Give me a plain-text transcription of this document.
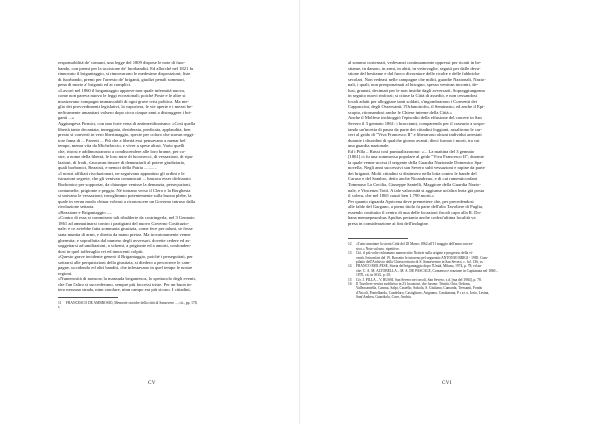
responsabilità de' comuni, una legge del 1809 dispose le note di fuor-

bando, con premi per la uccisione de' fuorbanditi. Ed allorché nel 1821 fu

rinnovato il brigantaggio, si rinnovarono le medesime disposizioni; liste

di fuorbando, premi per l'arresto de' briganti, giudizi penali sommari,

pena di morte a' briganti ed ai complici.

«Lavorò nel 1860 il brigantaggio apparve non quale infermità nuova,

come non pareva nuovo le leggi eccezionali; poiché Poste e le altre si

mostravano compagni immancabili di ogni grave crisi politica. Ma me-

glio dei provvedimenti legislativi, la vaporiera, le vie aperte e i mezzi be-

neficamente umanitari valsero dopo circa cinque anni a distruggere i bri-

ganti ...»

Aggiungeva Firmici, con una forte vena di antimeridionismo: «Così quella

libertà tanto decantata, inneggiata, desiderata, predicata, applaudita, ben

presto si convertì in vero libertinaggio, specie per coloro che stavan reggi-

tore fama di ... Parenti ... Più che a libertà essi pensavano a menar bel

tempo, menar vita da Michelaccio, e viver a spese altrui. Vario quelli

che, ritrosi e addimostrarono a condiscendere alle loro brame, per co-

stre, a nome della libertà, le loro mire di lucrosecci, di vessazioni, di ripa-

lazioni, di frodi, s'aucavan timore di denunziarli al potere giudiziario,

quali borbonici, Reazisti, e nemici della Patria ...........

«I nostri affiliati rivoluzionari, ne seguivano appuntino gli ordini e le

istruzioni segrete, che gli venivan comunicati ... bastava esser dichiarato

Borbonico per sopportar, da chiunque venisse la denunzia, perseçuzioni,

contumelie, prigionie e peggio. Né tornano verso il Clero e la Borghesia

si univano le vessazioni; invoglimmo potentemente sulla buona plebe, la

quale in verun modo chinar voleasi a riconoscere un Governo intruso dalla

rivoluzione settaria.

«Reazione e Brigantaggio —

«Contro di essa si commisero tali ribalderie da costringerla, nel 3 Gennaio

1861 ad ammutinarsi contro i partigiani del nuovo Governo Costituzio-

nale; e ce avrebbe fatta sommaria giustizia, come fece per taluni, se fosse

stata munita di armi, e diretta da mano preiza. Ma trovatoramente venne

ghermita; e sopraffatta dal numero degli avversari, dovette cedere ed as-

soggettarsi ad umiliazioni, a schemi, a prigionie ed a amorti, confonden-

dosi in quel tafferuglio rei ed innocenti colpiti.

«Questo grave incidente generò il Brigantaggio, poiché i perseguitati, per

sottrarsi alle perquisizioni della giustizia, si diedero a percorrere le cam-

pagne, uccidendo ed altri banditi, che infestavano in quel tempo le nostre

regioni.

«Numerosità di nonsoro la mansuda brigantesca, lo spettacolo degli eventi,

che l'un l'altro si succedevano, sempre più faccessi triste. Per un buon in-

tero nessuna strada, ninn casolare, ninn campo era più sicuro. I cittadini,

11 FRANCESCO DE AMBROSIO, Memorie storiche della città di Sansevero ..., cit., pp. 178,

s.

CV

al sommo costernati, vedevanzi continuamente oppressi per ricatti in be-

stiame, in danaro, in armi, in abiti, in vettovaglie, seguiti per dalle deva-

stione del bestiame e dal fuoco divoratore delle ricolte e delle fabbriche

secolari. Non vedeasi nelle campagne che militi, guardie Nazionali, Nazio-

nali, i quali, non preoponzinati al bisogno, spesso venivan incontri, de-

lusi, granuti, decimati per le non insidie dagli avversarii. Sopraggiungeano

in seguito nuovi rinforzi; si ctiuse la Città di assedio, e non cessandosi

locali adatti per alloggiare tanti soldati, s'ingombrarono i Conventi dei

Cappuccini, degli Osservanti, l'Orfanotrofio, il Seminario, ed anche il Epi-

scopio, ritornandosi anche le Chiese interne della Città.»

Anche il Molfese inchioggiò l'episodio della effusione del carcere in San

Severo il 3 gennaio 1861: i braccianti, comparendo per il caseurto a sospo-

tando un'incetta di paura da parte dei cittadini foggiani, assalirono le car-

ceri al grido di "Viva Francesco II" e liberarono alcuni individui arrestati

durante i disordini di qualche giorno avanti; dieci furono i morti, tra cui

una guardia nazionale.

Ed i Pilla – Russi così puntualizzarono: «... La mattina del 3 gennaio

[1861] ci fu una sommossa popolare al grido "Viva Francesco II", durante

la quale venne uccisa il sergente della Guardia Nazionale Domenico Spa-

novella. Negli anni successivi san Severo subì vessazioni e rapine da parte

dei briganti. Molti cittadini si distinsero nella lotta contro le bande del

Caruso e del Sambro, detto anche Nicandreuo, e di cui ramenticordani

Tommaso La Cecilia, Giuseppe Santelli, Maggiore della Guardia Nazio-

nale, e Vincenzo Tottí. A tale valorosità si aggiunse un'altra lezia già posta

il colera, che nel 1865 causò ben 1.790 morti.»

Per quanto riguarda Apricena deve premettere che, per precedendosi

alle falde del Gargano, a pieno titolo fa parte dell'alto Tavoliere di Puglia,

essendo costituito il centro di una delle locazioni fiscali capo alla R. Do-

hana menaepeaoshus Apulias pertanto anche codest'ultima località va

presa in considerazione ai fini dell'indagine.

12 «Tutto ansattare la storia Città del 28 Marzo 1862 all'11 maggio dell'anno succes-

sivo.» Note sul uno. ripetitive.

13 Ciò, il più volte richiamato manoscritto Notizie sulla origine e progresso della vi-

centà. Irriconfari del 19. Rossetto le tutoreno pel seguentio ANTONIO BRIGI - 1985. Com-

pilatio dell'Archivio della Chiesa rettoria di S. Sanseverino in San Severo, c. fol. 136, ss.

14 FRANCO MOLFESE, Storia del brigantaggio dopo l'Unità, Milano, 1974, p. 78; ed an-

che: C. A. M. ALTOBELLA – M. A. DE PASCALE, Consenso e reazione in Capitanata nel 1860 –

1870, cit. in SGG, p. 65.

15 Cfr. J. PILLA – V. RUSSI, San Severo nei secoli, San Severo, s.d. [ma del 1984], p. 78.

16 Il Tavoliere veniva suddiviso in 23 locazioni, che furono: Trinità, Orta, Ordona,

Valleacantella, Canosa, Salpi, Castello, Salsola, S. Giuliano, Camarda, Tressanti, Fondo

d'Ascoli, Pontelbardo, Candelaro, Castiglione, Arignano, Casabarana, P r a t o, Iorio, Lesina,

Sant'Andrea, Guardiola, Cave, Andria.

CVI
